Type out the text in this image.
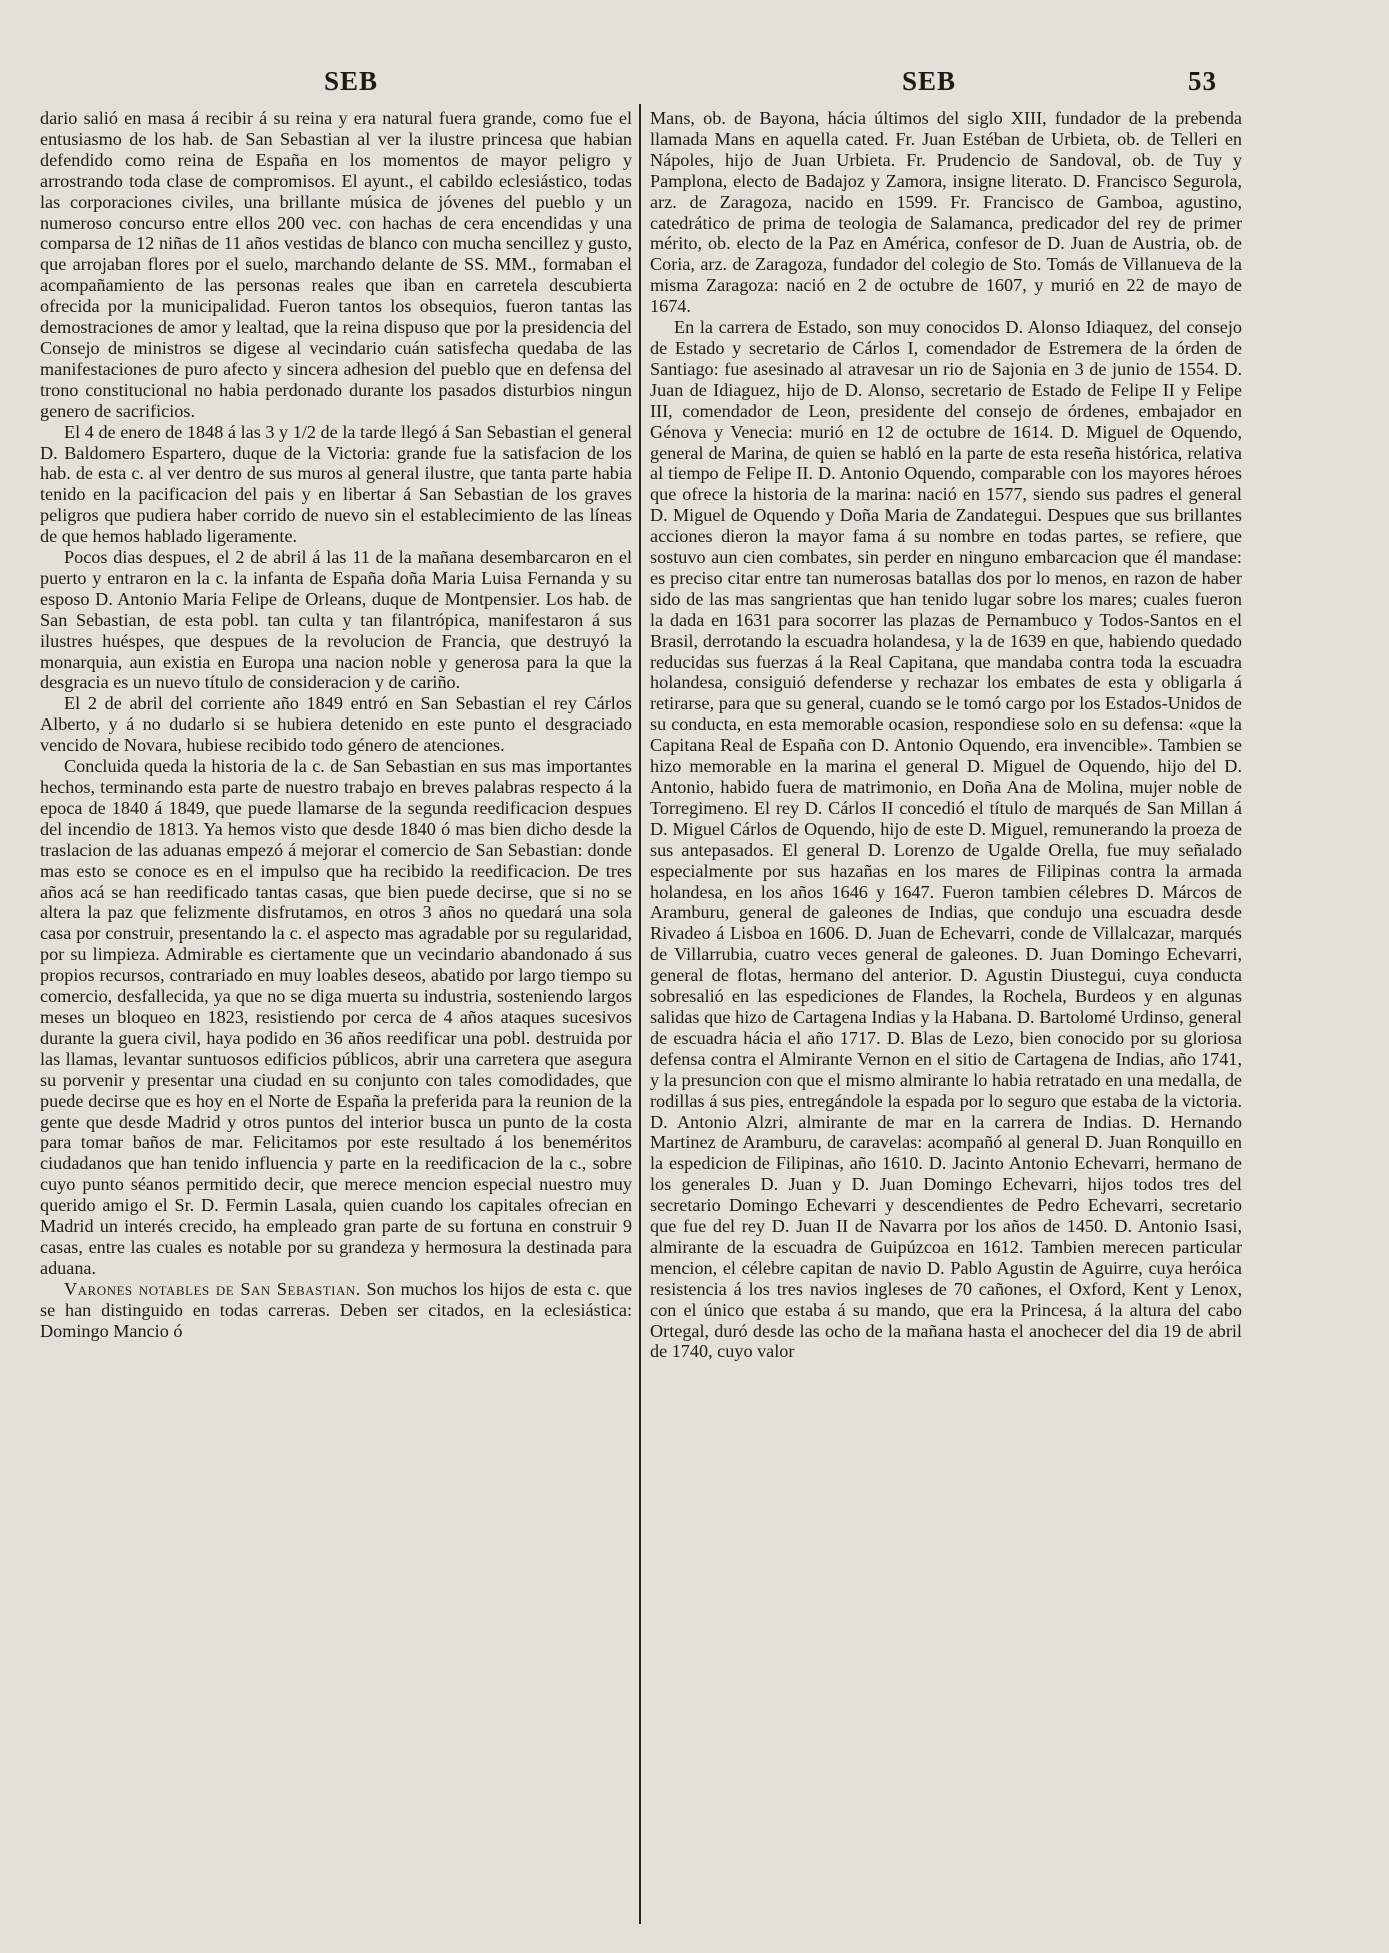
SEB	SEB	53

dario salió en masa á recibir á su reina y era natural fuera grande, como fue el entusiasmo de los hab. de San Sebastian al ver la ilustre princesa que habian defendido como reina de España en los momentos de mayor peligro y arrostrando toda clase de compromisos. El ayunt., el cabildo eclesiástico, todas las corporaciones civiles, una brillante música de jóvenes del pueblo y un numeroso concurso entre ellos 200 vec. con hachas de cera encendidas y una comparsa de 12 niñas de 11 años vestidas de blanco con mucha sencillez y gusto, que arrojaban flores por el suelo, marchando delante de SS. MM., formaban el acompañamiento de las personas reales que iban en carretela descubierta ofrecida por la municipalidad. Fueron tantos los obsequios, fueron tantas las demostraciones de amor y lealtad, que la reina dispuso que por la presidencia del Consejo de ministros se digese al vecindario cuán satisfecha quedaba de las manifestaciones de puro afecto y sincera adhesion del pueblo que en defensa del trono constitucional no habia perdonado durante los pasados disturbios ningun genero de sacrificios.

El 4 de enero de 1848 á las 3 y 1/2 de la tarde llegó á San Sebastian el general D. Baldomero Espartero, duque de la Victoria: grande fue la satisfacion de los hab. de esta c. al ver dentro de sus muros al general ilustre, que tanta parte habia tenido en la pacificacion del pais y en libertar á San Sebastian de los graves peligros que pudiera haber corrido de nuevo sin el establecimiento de las líneas de que hemos hablado ligeramente.

Pocos dias despues, el 2 de abril á las 11 de la mañana desembarcaron en el puerto y entraron en la c. la infanta de España doña Maria Luisa Fernanda y su esposo D. Antonio Maria Felipe de Orleans, duque de Montpensier. Los hab. de San Sebastian, de esta pobl. tan culta y tan filantrópica, manifestaron á sus ilustres huéspes, que despues de la revolucion de Francia, que destruyó la monarquia, aun existia en Europa una nacion noble y generosa para la que la desgracia es un nuevo título de consideracion y de cariño.

El 2 de abril del corriente año 1849 entró en San Sebastian el rey Cárlos Alberto, y á no dudarlo si se hubiera detenido en este punto el desgraciado vencido de Novara, hubiese recibido todo género de atenciones.

Concluida queda la historia de la c. de San Sebastian en sus mas importantes hechos, terminando esta parte de nuestro trabajo en breves palabras respecto á la epoca de 1840 á 1849, que puede llamarse de la segunda reedificacion despues del incendio de 1813. Ya hemos visto que desde 1840 ó mas bien dicho desde la traslacion de las aduanas empezó á mejorar el comercio de San Sebastian: donde mas esto se conoce es en el impulso que ha recibido la reedificacion. De tres años acá se han reedificado tantas casas, que bien puede decirse, que si no se altera la paz que felizmente disfrutamos, en otros 3 años no quedará una sola casa por construir, presentando la c. el aspecto mas agradable por su regularidad, por su limpieza. Admirable es ciertamente que un vecindario abandonado á sus propios recursos, contrariado en muy loables deseos, abatido por largo tiempo su comercio, desfallecida, ya que no se diga muerta su industria, sosteniendo largos meses un bloqueo en 1823, resistiendo por cerca de 4 años ataques sucesivos durante la guera civil, haya podido en 36 años reedificar una pobl. destruida por las llamas, levantar suntuosos edificios públicos, abrir una carretera que asegura su porvenir y presentar una ciudad en su conjunto con tales comodidades, que puede decirse que es hoy en el Norte de España la preferida para la reunion de la gente que desde Madrid y otros puntos del interior busca un punto de la costa para tomar baños de mar. Felicitamos por este resultado á los beneméritos ciudadanos que han tenido influencia y parte en la reedificacion de la c., sobre cuyo punto séanos permitido decir, que merece mencion especial nuestro muy querido amigo el Sr. D. Fermin Lasala, quien cuando los capitales ofrecian en Madrid un interés crecido, ha empleado gran parte de su fortuna en construir 9 casas, entre las cuales es notable por su grandeza y hermosura la destinada para aduana.

Varones notables de San Sebastian. Son muchos los hijos de esta c. que se han distinguido en todas carreras. Deben ser citados, en la eclesiástica: Domingo Mancio ó

Mans, ob. de Bayona, hácia últimos del siglo XIII, fundador de la prebenda llamada Mans en aquella cated. Fr. Juan Estéban de Urbieta, ob. de Telleri en Nápoles, hijo de Juan Urbieta. Fr. Prudencio de Sandoval, ob. de Tuy y Pamplona, electo de Badajoz y Zamora, insigne literato. D. Francisco Segurola, arz. de Zaragoza, nacido en 1599. Fr. Francisco de Gamboa, agustino, catedrático de prima de teologia de Salamanca, predicador del rey de primer mérito, ob. electo de la Paz en América, confesor de D. Juan de Austria, ob. de Coria, arz. de Zaragoza, fundador del colegio de Sto. Tomás de Villanueva de la misma Zaragoza: nació en 2 de octubre de 1607, y murió en 22 de mayo de 1674.

En la carrera de Estado, son muy conocidos D. Alonso Idiaquez, del consejo de Estado y secretario de Cárlos I, comendador de Estremera de la órden de Santiago: fue asesinado al atravesar un rio de Sajonia en 3 de junio de 1554. D. Juan de Idiaguez, hijo de D. Alonso, secretario de Estado de Felipe II y Felipe III, comendador de Leon, presidente del consejo de órdenes, embajador en Génova y Venecia: murió en 12 de octubre de 1614. D. Miguel de Oquendo, general de Marina, de quien se habló en la parte de esta reseña histórica, relativa al tiempo de Felipe II. D. Antonio Oquendo, comparable con los mayores héroes que ofrece la historia de la marina: nació en 1577, siendo sus padres el general D. Miguel de Oquendo y Doña Maria de Zandategui. Despues que sus brillantes acciones dieron la mayor fama á su nombre en todas partes, se refiere, que sostuvo aun cien combates, sin perder en ninguno embarcacion que él mandase: es preciso citar entre tan numerosas batallas dos por lo menos, en razon de haber sido de las mas sangrientas que han tenido lugar sobre los mares; cuales fueron la dada en 1631 para socorrer las plazas de Pernambuco y Todos-Santos en el Brasil, derrotando la escuadra holandesa, y la de 1639 en que, habiendo quedado reducidas sus fuerzas á la Real Capitana, que mandaba contra toda la escuadra holandesa, consiguió defenderse y rechazar los embates de esta y obligarla á retirarse, para que su general, cuando se le tomó cargo por los Estados-Unidos de su conducta, en esta memorable ocasion, respondiese solo en su defensa: «que la Capitana Real de España con D. Antonio Oquendo, era invencible». Tambien se hizo memorable en la marina el general D. Miguel de Oquendo, hijo del D. Antonio, habido fuera de matrimonio, en Doña Ana de Molina, mujer noble de Torregimeno. El rey D. Cárlos II concedió el título de marqués de San Millan á D. Miguel Cárlos de Oquendo, hijo de este D. Miguel, remunerando la proeza de sus antepasados. El general D. Lorenzo de Ugalde Orella, fue muy señalado especialmente por sus hazañas en los mares de Filipinas contra la armada holandesa, en los años 1646 y 1647. Fueron tambien célebres D. Márcos de Aramburu, general de galeones de Indias, que condujo una escuadra desde Rivadeo á Lisboa en 1606. D. Juan de Echevarri, conde de Villalcazar, marqués de Villarrubia, cuatro veces general de galeones. D. Juan Domingo Echevarri, general de flotas, hermano del anterior. D. Agustin Diustegui, cuya conducta sobresalió en las espediciones de Flandes, la Rochela, Burdeos y en algunas salidas que hizo de Cartagena Indias y la Habana. D. Bartolomé Urdinso, general de escuadra hácia el año 1717. D. Blas de Lezo, bien conocido por su gloriosa defensa contra el Almirante Vernon en el sitio de Cartagena de Indias, año 1741, y la presuncion con que el mismo almirante lo habia retratado en una medalla, de rodillas á sus pies, entregándole la espada por lo seguro que estaba de la victoria. D. Antonio Alzri, almirante de mar en la carrera de Indias. D. Hernando Martinez de Aramburu, de caravelas: acompañó al general D. Juan Ronquillo en la espedicion de Filipinas, año 1610. D. Jacinto Antonio Echevarri, hermano de los generales D. Juan y D. Juan Domingo Echevarri, hijos todos tres del secretario Domingo Echevarri y descendientes de Pedro Echevarri, secretario que fue del rey D. Juan II de Navarra por los años de 1450. D. Antonio Isasi, almirante de la escuadra de Guipúzcoa en 1612. Tambien merecen particular mencion, el célebre capitan de navio D. Pablo Agustin de Aguirre, cuya heróica resistencia á los tres navios ingleses de 70 cañones, el Oxford, Kent y Lenox, con el único que estaba á su mando, que era la Princesa, á la altura del cabo Ortegal, duró desde las ocho de la mañana hasta el anochecer del dia 19 de abril de 1740, cuyo valor
